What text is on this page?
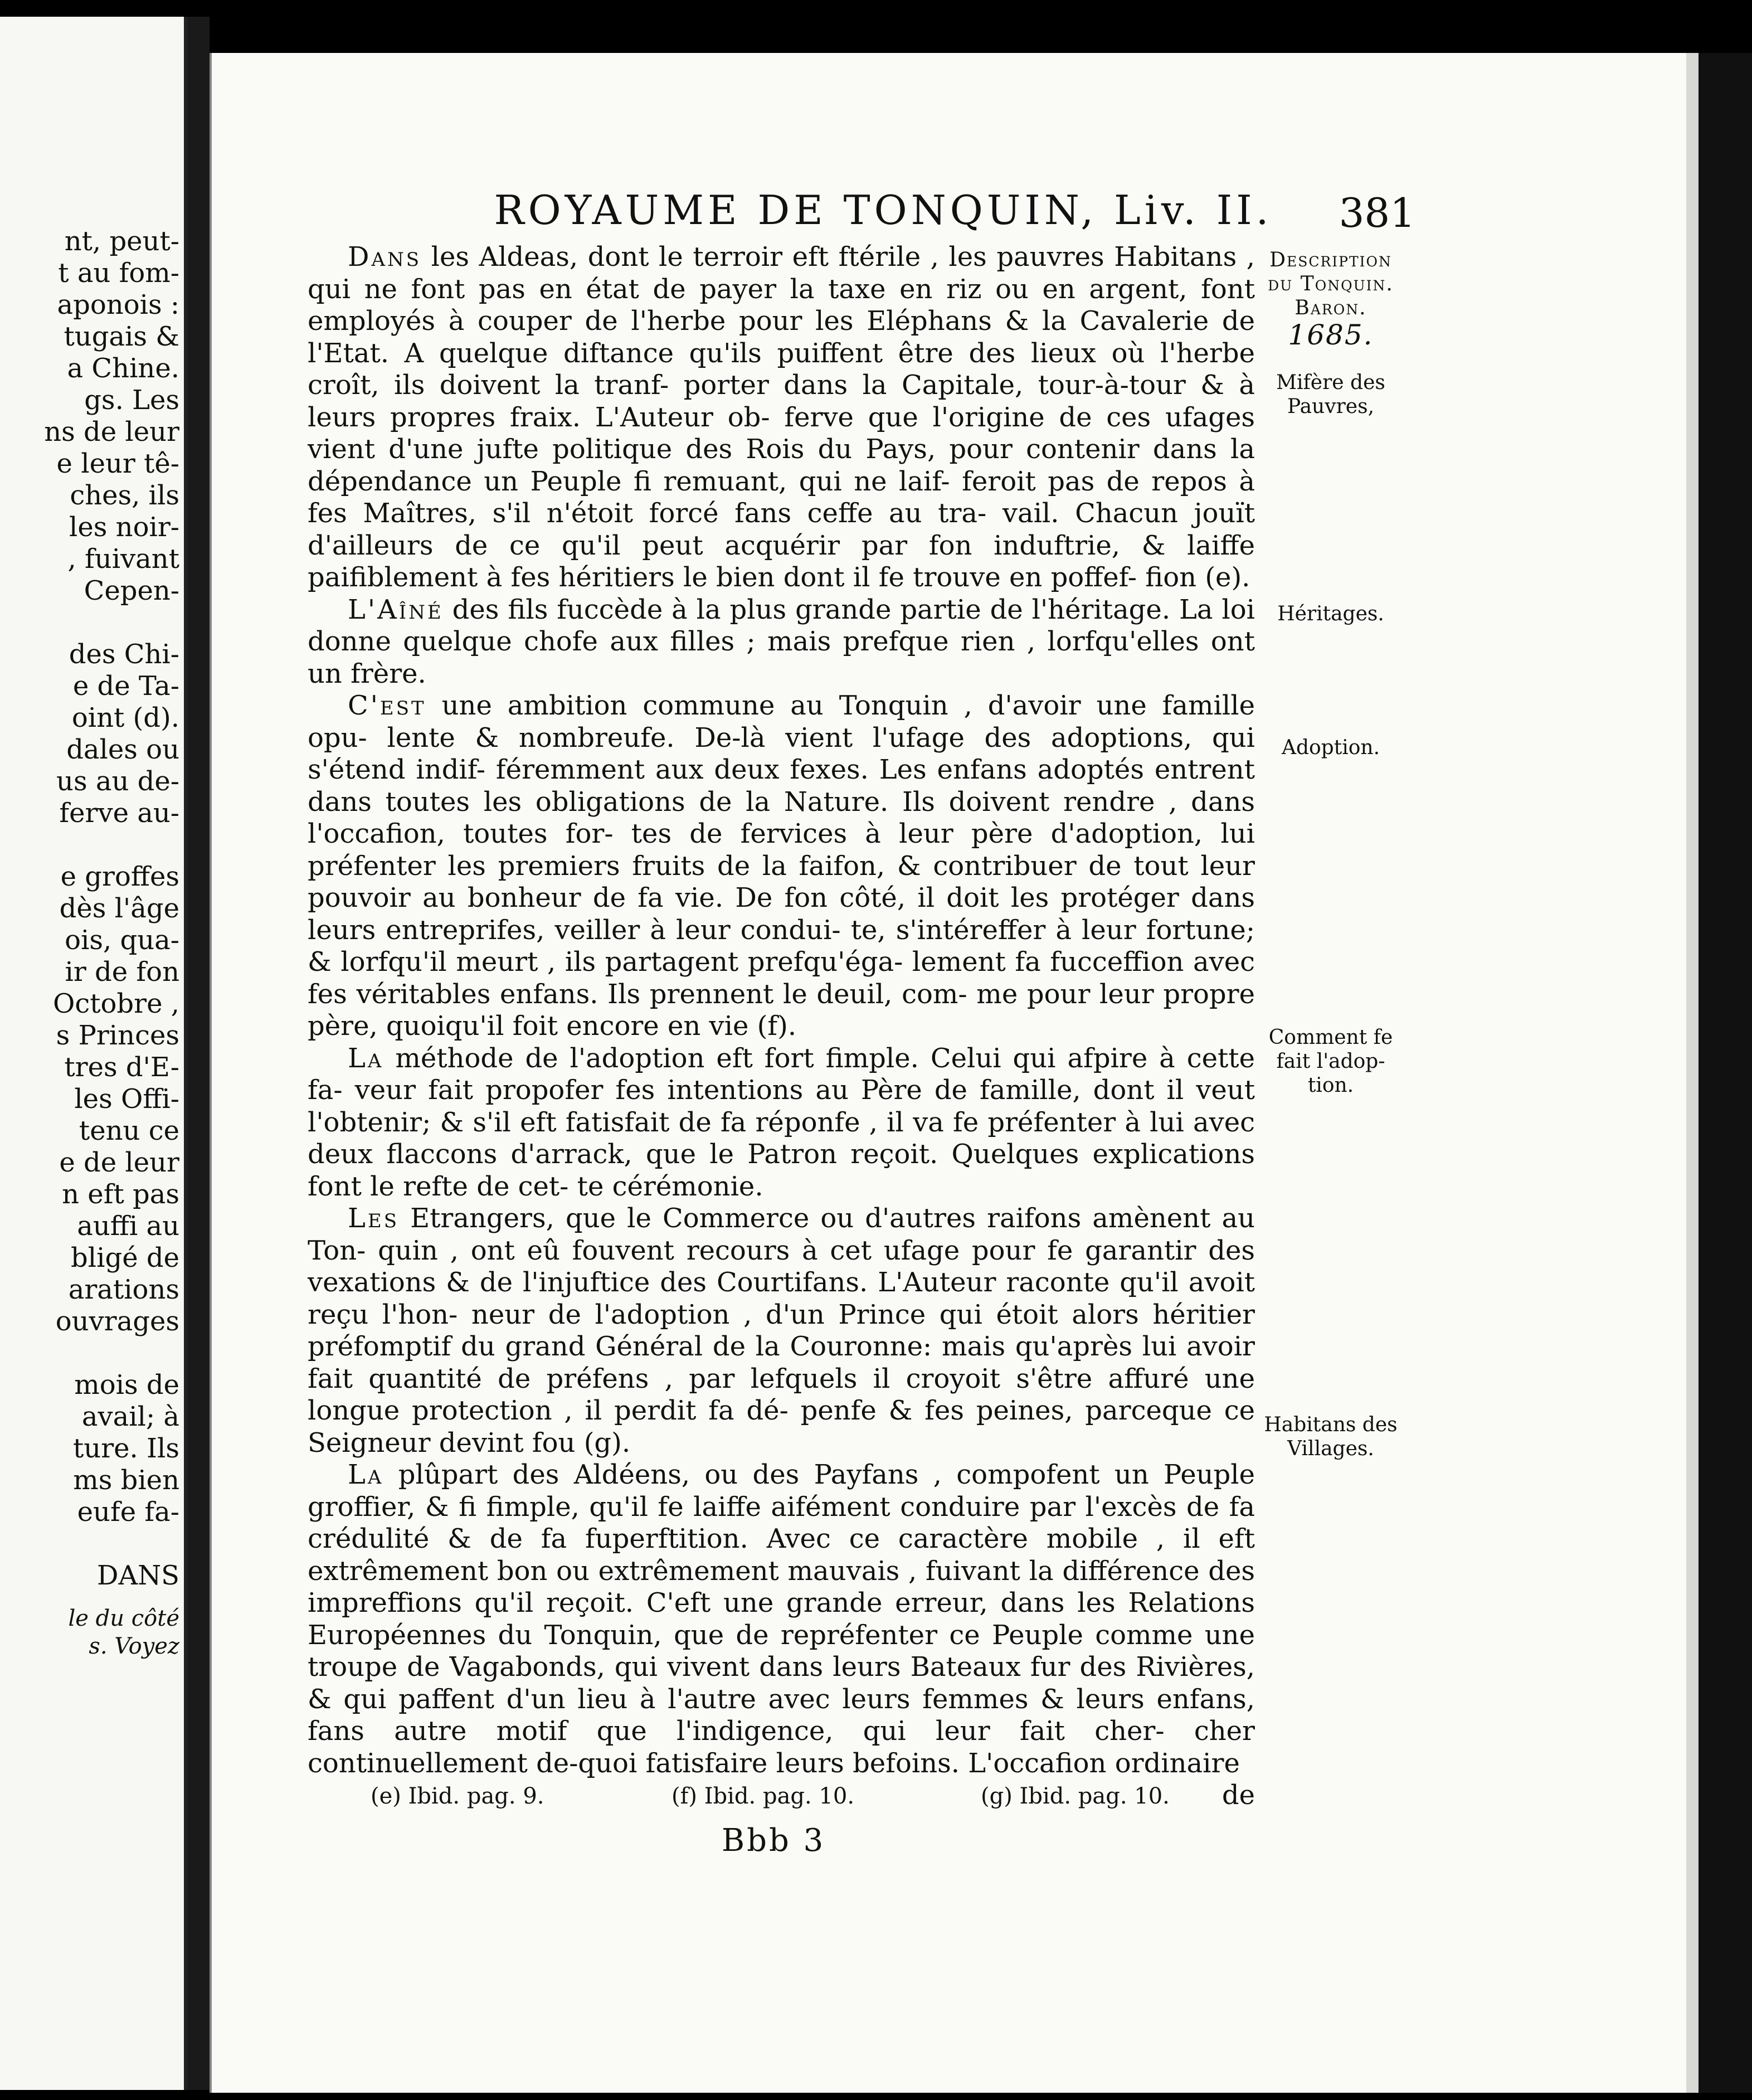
nt, peut-
t au fom-
aponois :
tugais &
a Chine.
gs. Les
ns de leur
e leur tê-
ches, ils
les noir-
, fuivant
Cepen-
des Chi-
e de Ta-
oint (d).
dales ou
us au de-
ferve au-
e groffes
dès l'âge
ois, qua-
ir de fon
Octobre ,
s Princes
tres d'E-
les Offi-
tenu ce
e de leur
n eft pas
auffi au
bligé de
arations
ouvrages
mois de
avail; à
ture. Ils
ms bien
eufe fa-
DANS
le du côté
s. Voyez
ROYAUME DE TONQUIN, Liv. II.	381

Dans les Aldeas, dont le terroir eft ftérile , les pauvres Habitans , qui ne font pas en état de payer la taxe en riz ou en argent, font employés à couper de l'herbe pour les Eléphans & la Cavalerie de l'Etat. A quelque diftance qu'ils puiffent être des lieux où l'herbe croît, ils doivent la tranf- porter dans la Capitale, tour-à-tour & à leurs propres fraix. L'Auteur ob- ferve que l'origine de ces ufages vient d'une jufte politique des Rois du Pays, pour contenir dans la dépendance un Peuple fi remuant, qui ne laif- feroit pas de repos à fes Maîtres, s'il n'étoit forcé fans ceffe au tra- vail. Chacun jouït d'ailleurs de ce qu'il peut acquérir par fon induftrie, & laiffe paifiblement à fes héritiers le bien dont il fe trouve en poffef- fion (e).

L'Aîné des fils fuccède à la plus grande partie de l'héritage. La loi donne quelque chofe aux filles ; mais prefque rien , lorfqu'elles ont un frère.

C'est une ambition commune au Tonquin , d'avoir une famille opu- lente & nombreufe. De-là vient l'ufage des adoptions, qui s'étend indif- féremment aux deux fexes. Les enfans adoptés entrent dans toutes les obligations de la Nature. Ils doivent rendre , dans l'occafion, toutes for- tes de fervices à leur père d'adoption, lui préfenter les premiers fruits de la faifon, & contribuer de tout leur pouvoir au bonheur de fa vie. De fon côté, il doit les protéger dans leurs entreprifes, veiller à leur condui- te, s'intéreffer à leur fortune; & lorfqu'il meurt , ils partagent prefqu'éga- lement fa fucceffion avec fes véritables enfans. Ils prennent le deuil, com- me pour leur propre père, quoiqu'il foit encore en vie (f).

La méthode de l'adoption eft fort fimple. Celui qui afpire à cette fa- veur fait propofer fes intentions au Père de famille, dont il veut l'obtenir; & s'il eft fatisfait de fa réponfe , il va fe préfenter à lui avec deux flaccons d'arrack, que le Patron reçoit. Quelques explications font le refte de cet- te cérémonie.

Les Etrangers, que le Commerce ou d'autres raifons amènent au Ton- quin , ont eû fouvent recours à cet ufage pour fe garantir des vexations & de l'injuftice des Courtifans. L'Auteur raconte qu'il avoit reçu l'hon- neur de l'adoption , d'un Prince qui étoit alors héritier préfomptif du grand Général de la Couronne: mais qu'après lui avoir fait quantité de préfens , par lefquels il croyoit s'être affuré une longue protection , il perdit fa dé- penfe & fes peines, parceque ce Seigneur devint fou (g).

La plûpart des Aldéens, ou des Payfans , compofent un Peuple groffier, & fi fimple, qu'il fe laiffe aifément conduire par l'excès de fa crédulité & de fa fuperftition. Avec ce caractère mobile , il eft extrêmement bon ou extrêmement mauvais , fuivant la différence des impreffions qu'il reçoit. C'eft une grande erreur, dans les Relations Européennes du Tonquin, que de repréfenter ce Peuple comme une troupe de Vagabonds, qui vivent dans leurs Bateaux fur des Rivières, & qui paffent d'un lieu à l'autre avec leurs femmes & leurs enfans, fans autre motif que l'indigence, qui leur fait cher- cher continuellement de-quoi fatisfaire leurs befoins. L'occafion ordinaire

de
Description
du Tonquin.
Baron.
1685.
Mifère des Pauvres,
Héritages.
Adoption.
Comment fe fait l'adop- tion.
Habitans des Villages.
(e) Ibid. pag. 9.	(f) Ibid. pag. 10.	(g) Ibid. pag. 10.
Bbb 3
